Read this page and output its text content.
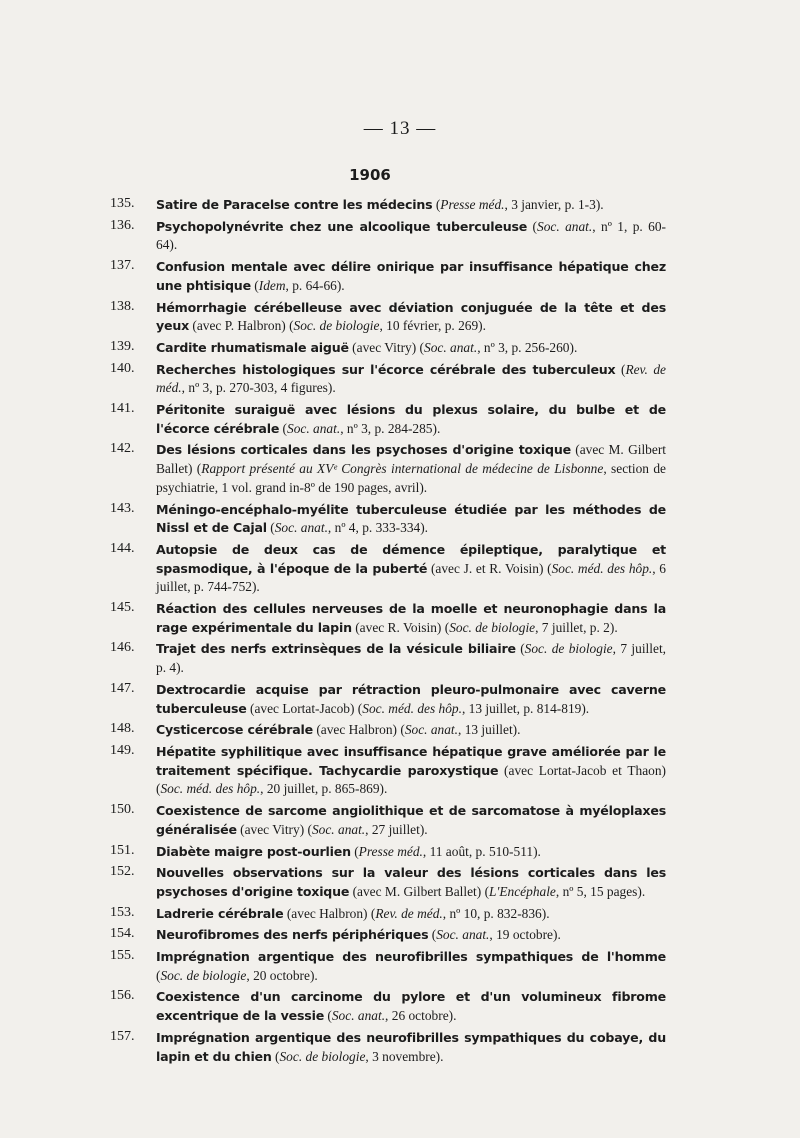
— 13 —
1906
135.	Satire de Paracelse contre les médecins (Presse méd., 3 janvier, p. 1-3).
136.	Psychopolynévrite chez une alcoolique tuberculeuse (Soc. anat., nº 1, p. 60-64).
137.	Confusion mentale avec délire onirique par insuffisance hépatique chez une phtisique (Idem, p. 64-66).
138.	Hémorrhagie cérébelleuse avec déviation conjuguée de la tête et des yeux (avec P. Halbron) (Soc. de biologie, 10 février, p. 269).
139.	Cardite rhumatismale aiguë (avec Vitry) (Soc. anat., nº 3, p. 256-260).
140.	Recherches histologiques sur l'écorce cérébrale des tuberculeux (Rev. de méd., nº 3, p. 270-303, 4 figures).
141.	Péritonite suraiguë avec lésions du plexus solaire, du bulbe et de l'écorce cérébrale (Soc. anat., nº 3, p. 284-285).
142.	Des lésions corticales dans les psychoses d'origine toxique (avec M. Gilbert Ballet) (Rapport présenté au XVᵉ Congrès international de médecine de Lisbonne, section de psychiatrie, 1 vol. grand in-8º de 190 pages, avril).
143.	Méningo-encéphalo-myélite tuberculeuse étudiée par les méthodes de Nissl et de Cajal (Soc. anat., nº 4, p. 333-334).
144.	Autopsie de deux cas de démence épileptique, paralytique et spasmodique, à l'époque de la puberté (avec J. et R. Voisin) (Soc. méd. des hôp., 6 juillet, p. 744-752).
145.	Réaction des cellules nerveuses de la moelle et neuronophagie dans la rage expérimentale du lapin (avec R. Voisin) (Soc. de biologie, 7 juillet, p. 2).
146.	Trajet des nerfs extrinsèques de la vésicule biliaire (Soc. de biologie, 7 juillet, p. 4).
147.	Dextrocardie acquise par rétraction pleuro-pulmonaire avec caverne tuberculeuse (avec Lortat-Jacob) (Soc. méd. des hôp., 13 juillet, p. 814-819).
148.	Cysticercose cérébrale (avec Halbron) (Soc. anat., 13 juillet).
149.	Hépatite syphilitique avec insuffisance hépatique grave améliorée par le traitement spécifique. Tachycardie paroxystique (avec Lortat-Jacob et Thaon) (Soc. méd. des hôp., 20 juillet, p. 865-869).
150.	Coexistence de sarcome angiolithique et de sarcomatose à myéloplaxes généralisée (avec Vitry) (Soc. anat., 27 juillet).
151.	Diabète maigre post-ourlien (Presse méd., 11 août, p. 510-511).
152.	Nouvelles observations sur la valeur des lésions corticales dans les psychoses d'origine toxique (avec M. Gilbert Ballet) (L'Encéphale, nº 5, 15 pages).
153.	Ladrerie cérébrale (avec Halbron) (Rev. de méd., nº 10, p. 832-836).
154.	Neurofibromes des nerfs périphériques (Soc. anat., 19 octobre).
155.	Imprégnation argentique des neurofibrilles sympathiques de l'homme (Soc. de biologie, 20 octobre).
156.	Coexistence d'un carcinome du pylore et d'un volumineux fibrome excentrique de la vessie (Soc. anat., 26 octobre).
157.	Imprégnation argentique des neurofibrilles sympathiques du cobaye, du lapin et du chien (Soc. de biologie, 3 novembre).
